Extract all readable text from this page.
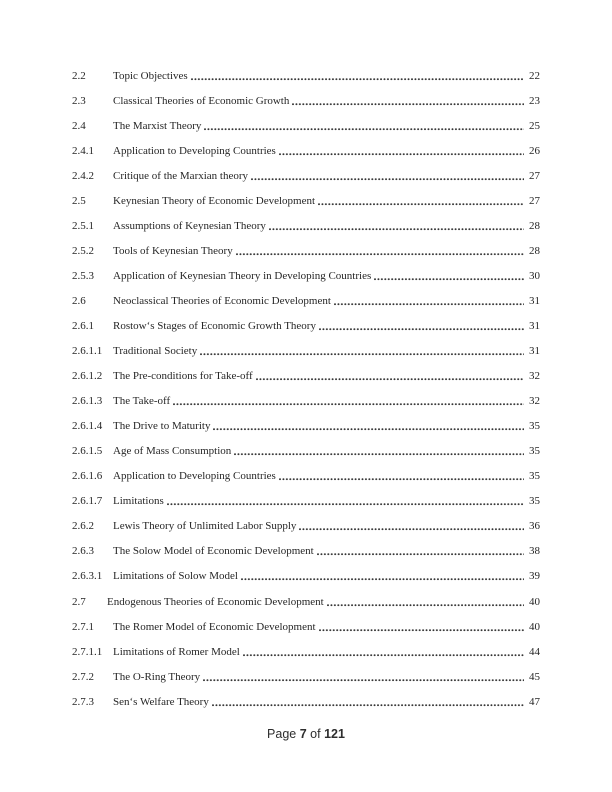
2.2	Topic Objectives	22
2.3	Classical Theories of Economic Growth	23
2.4	The Marxist Theory	25
2.4.1	Application to Developing Countries	26
2.4.2	Critique of the Marxian theory	27
2.5	Keynesian Theory of Economic Development	27
2.5.1	Assumptions of Keynesian Theory	28
2.5.2	Tools of Keynesian Theory	28
2.5.3	Application of Keynesian Theory in Developing Countries	30
2.6	Neoclassical Theories of Economic Development	31
2.6.1	Rostow‘s Stages of Economic Growth Theory	31
2.6.1.1 Traditional Society	31
2.6.1.2 The Pre-conditions for Take-off	32
2.6.1.3 The Take-off	32
2.6.1.4 The Drive to Maturity	35
2.6.1.5 Age of Mass Consumption	35
2.6.1.6 Application to Developing Countries	35
2.6.1.7 Limitations	35
2.6.2	Lewis Theory of Unlimited Labor Supply	36
2.6.3	The Solow Model of Economic Development	38
2.6.3.1 Limitations of Solow Model	39
2.7	Endogenous Theories of Economic Development	40
2.7.1	The Romer Model of Economic Development	40
2.7.1.1 Limitations of Romer Model	44
2.7.2	The O-Ring Theory	45
2.7.3	Sen‘s Welfare Theory	47
Page 7 of 121
